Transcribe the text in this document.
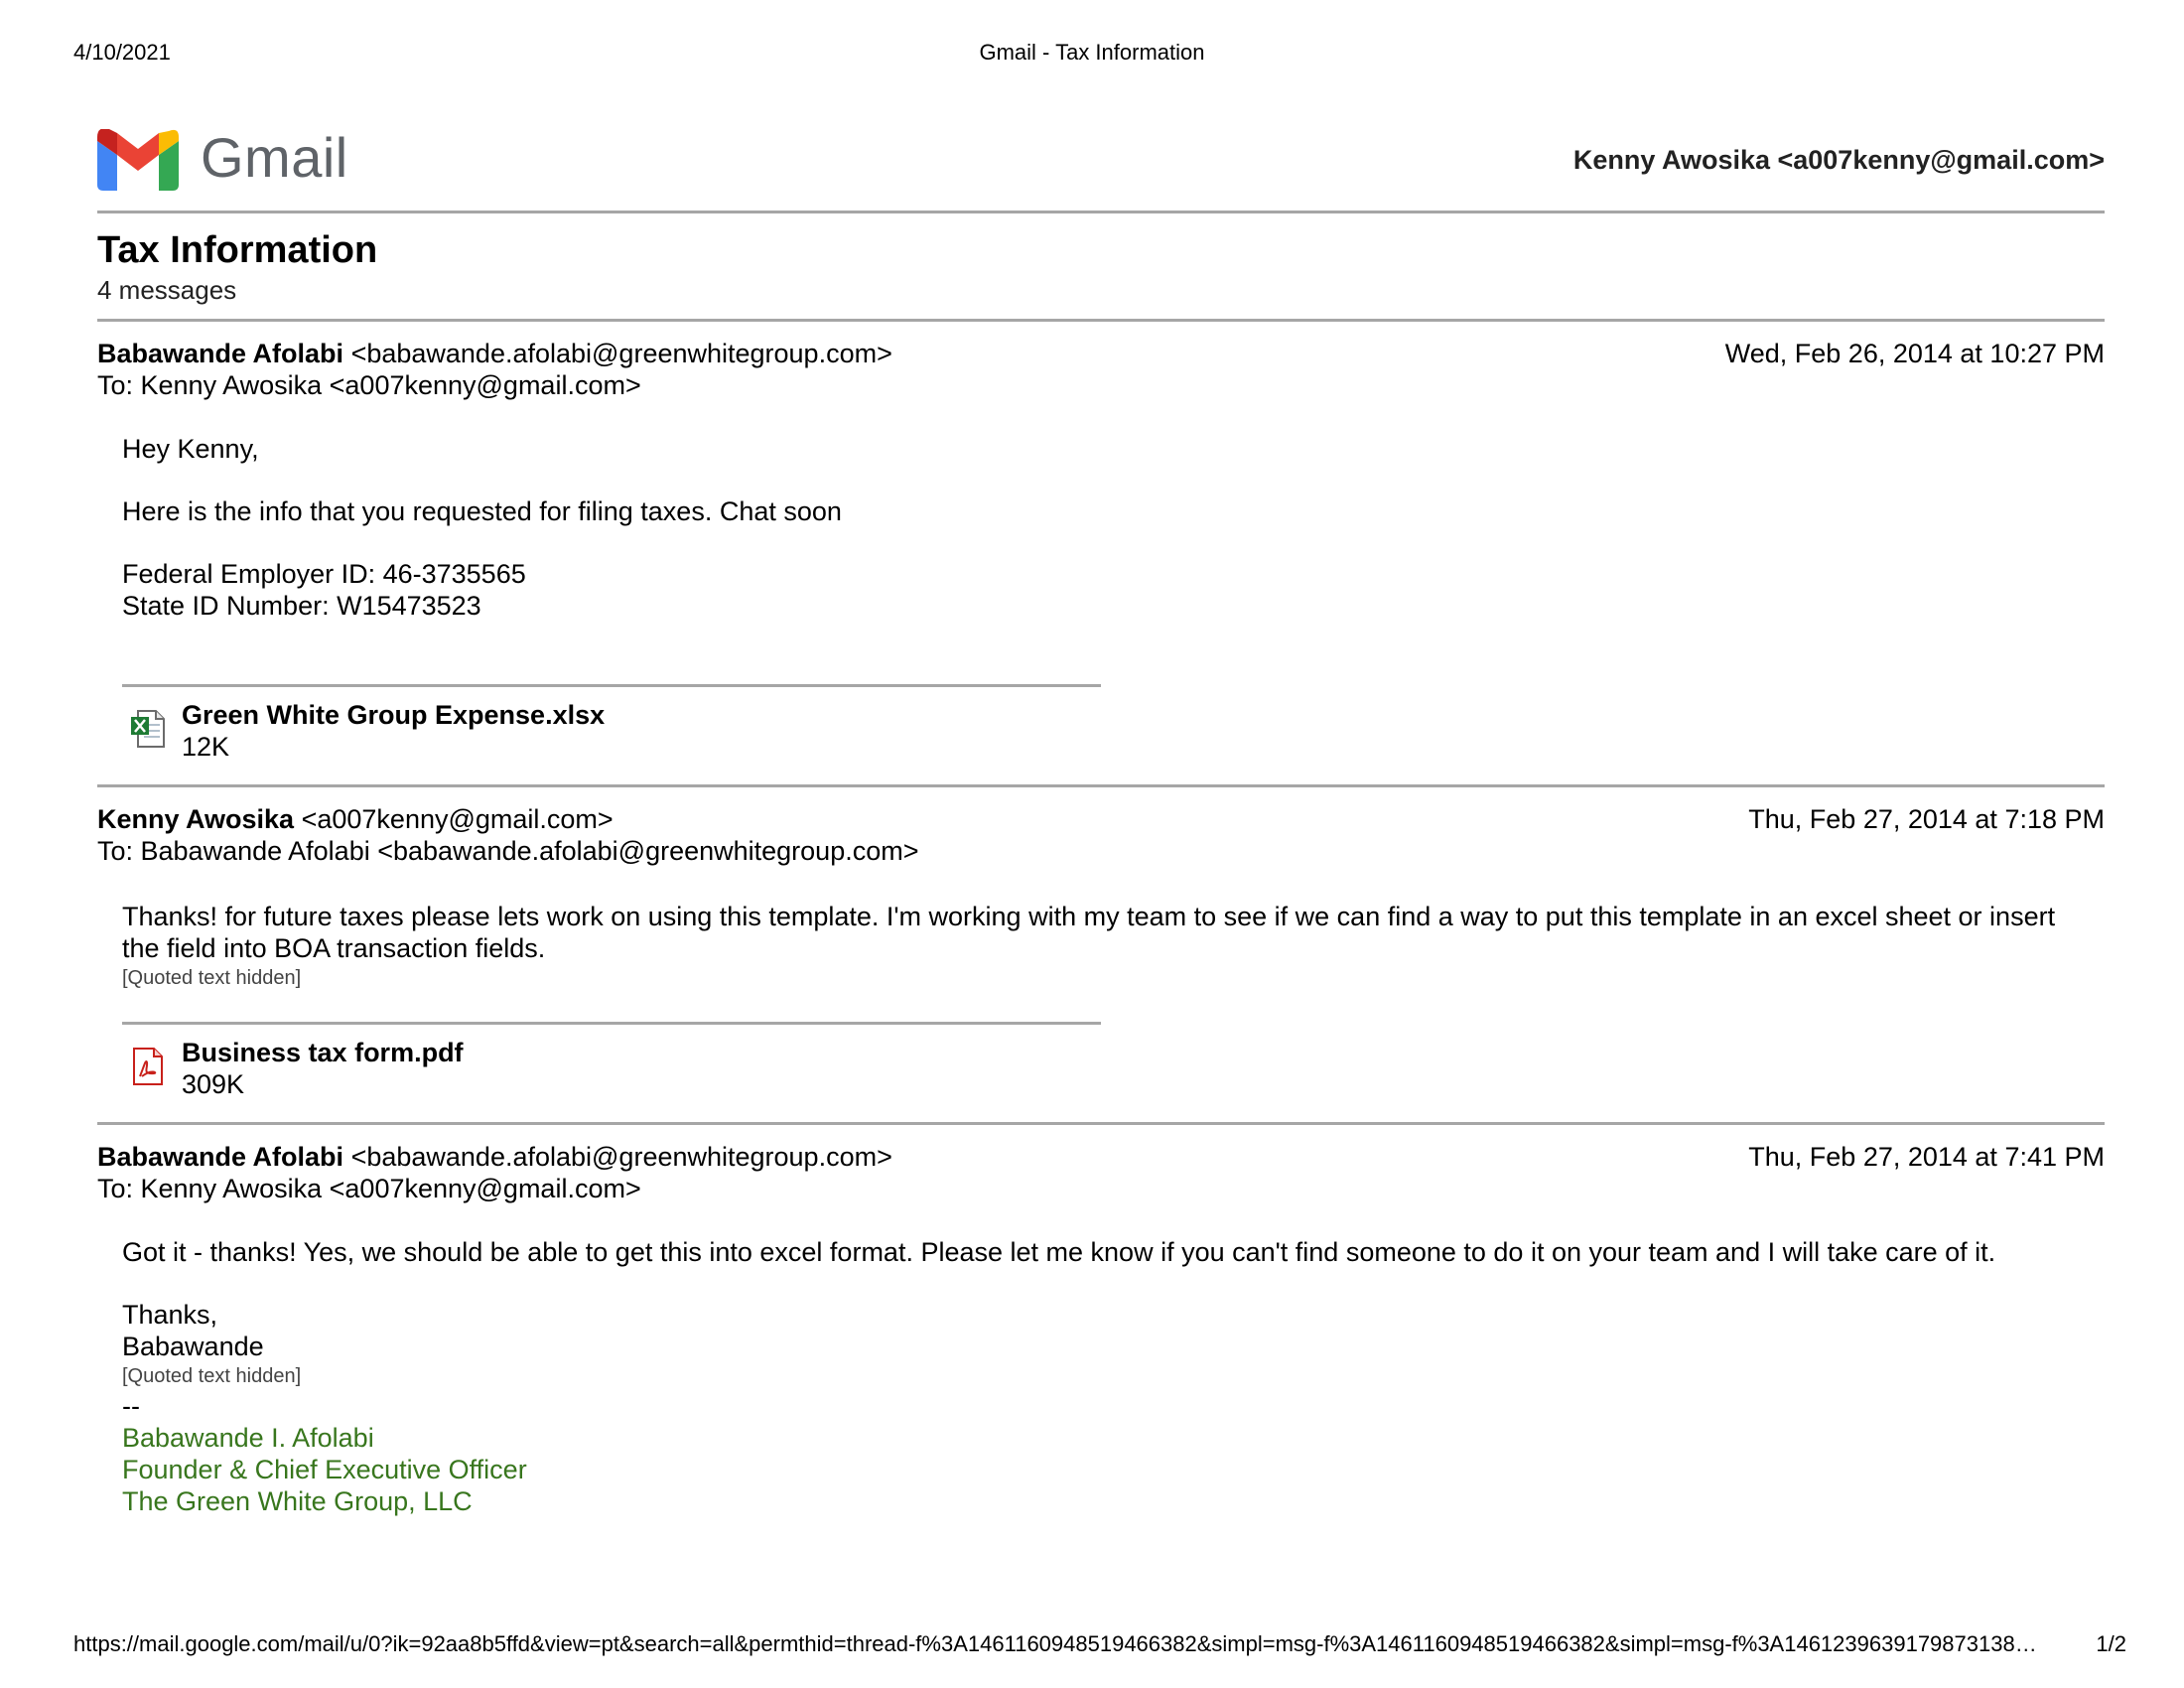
4/10/2021	Gmail - Tax Information
Gmail	Kenny Awosika <a007kenny@gmail.com>
Tax Information
4 messages
Babawande Afolabi <babawande.afolabi@greenwhitegroup.com>
To: Kenny Awosika <a007kenny@gmail.com>
Wed, Feb 26, 2014 at 10:27 PM

Hey Kenny,

Here is the info that you requested for filing taxes. Chat soon

Federal Employer ID: 46-3735565

State ID Number: W15473523

Green White Group Expense.xlsx
12K
Kenny Awosika <a007kenny@gmail.com>
To: Babawande Afolabi <babawande.afolabi@greenwhitegroup.com>
Thu, Feb 27, 2014 at 7:18 PM

Thanks! for future taxes please lets work on using this template. I'm working with my team to see if we can find a way to put this template in an excel sheet or insert

the field into BOA transaction fields.

[Quoted text hidden]
Business tax form.pdf
309K
Babawande Afolabi <babawande.afolabi@greenwhitegroup.com>
To: Kenny Awosika <a007kenny@gmail.com>
Thu, Feb 27, 2014 at 7:41 PM

Got it - thanks! Yes, we should be able to get this into excel format. Please let me know if you can't find someone to do it on your team and I will take care of it.

Thanks,

Babawande

[Quoted text hidden]

--

Babawande I. Afolabi

Founder & Chief Executive Officer

The Green White Group, LLC

https://mail.google.com/mail/u/0?ik=92aa8b5ffd&view=pt&search=all&permthid=thread-f%3A1461160948519466382&simpl=msg-f%3A1461160948519466382&simpl=msg-f%3A1461239639179873138…	1/2
